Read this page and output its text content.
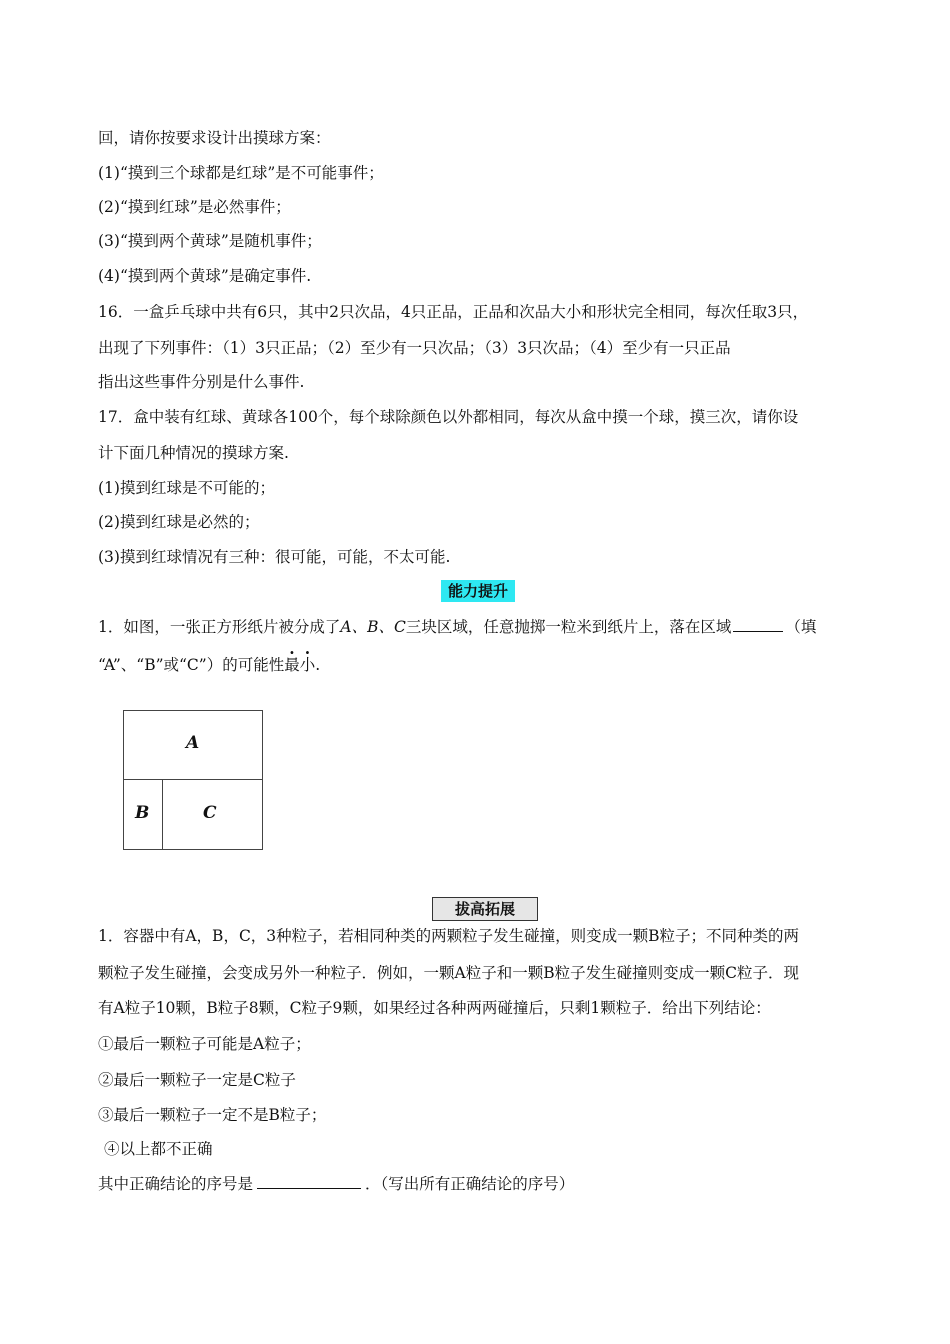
回，请你按要求设计出摸球方案：
(1)“摸到三个球都是红球”是不可能事件；
(2)“摸到红球”是必然事件；
(3)“摸到两个黄球”是随机事件；
(4)“摸到两个黄球”是确定事件.
16．一盒乒乓球中共有6只，其中2只次品，4只正品，正品和次品大小和形状完全相同，每次任取3只，
出现了下列事件：（1）3只正品；（2）至少有一只次品；（3）3只次品；（4）至少有一只正品
指出这些事件分别是什么事件.
17．盒中装有红球、黄球各100个，每个球除颜色以外都相同，每次从盒中摸一个球，摸三次，请你设
计下面几种情况的摸球方案.
(1)摸到红球是不可能的；
(2)摸到红球是必然的；
(3)摸到红球情况有三种：很可能，可能，不太可能.
能力提升
1．如图，一张正方形纸片被分成了A、B、C三块区域，任意抛掷一粒米到纸片上，落在区域	（填
“A”、“B”或“C”）的可能性最小.
A
B	C
拔高拓展
1．容器中有A，B，C，3种粒子，若相同种类的两颗粒子发生碰撞，则变成一颗B粒子；不同种类的两
颗粒子发生碰撞，会变成另外一种粒子．例如，一颗A粒子和一颗B粒子发生碰撞则变成一颗C粒子．现
有A粒子10颗，B粒子8颗，C粒子9颗，如果经过各种两两碰撞后，只剩1颗粒子．给出下列结论：
①最后一颗粒子可能是A粒子；
②最后一颗粒子一定是C粒子
③最后一颗粒子一定不是B粒子；
④以上都不正确
其中正确结论的序号是	．（写出所有正确结论的序号）
